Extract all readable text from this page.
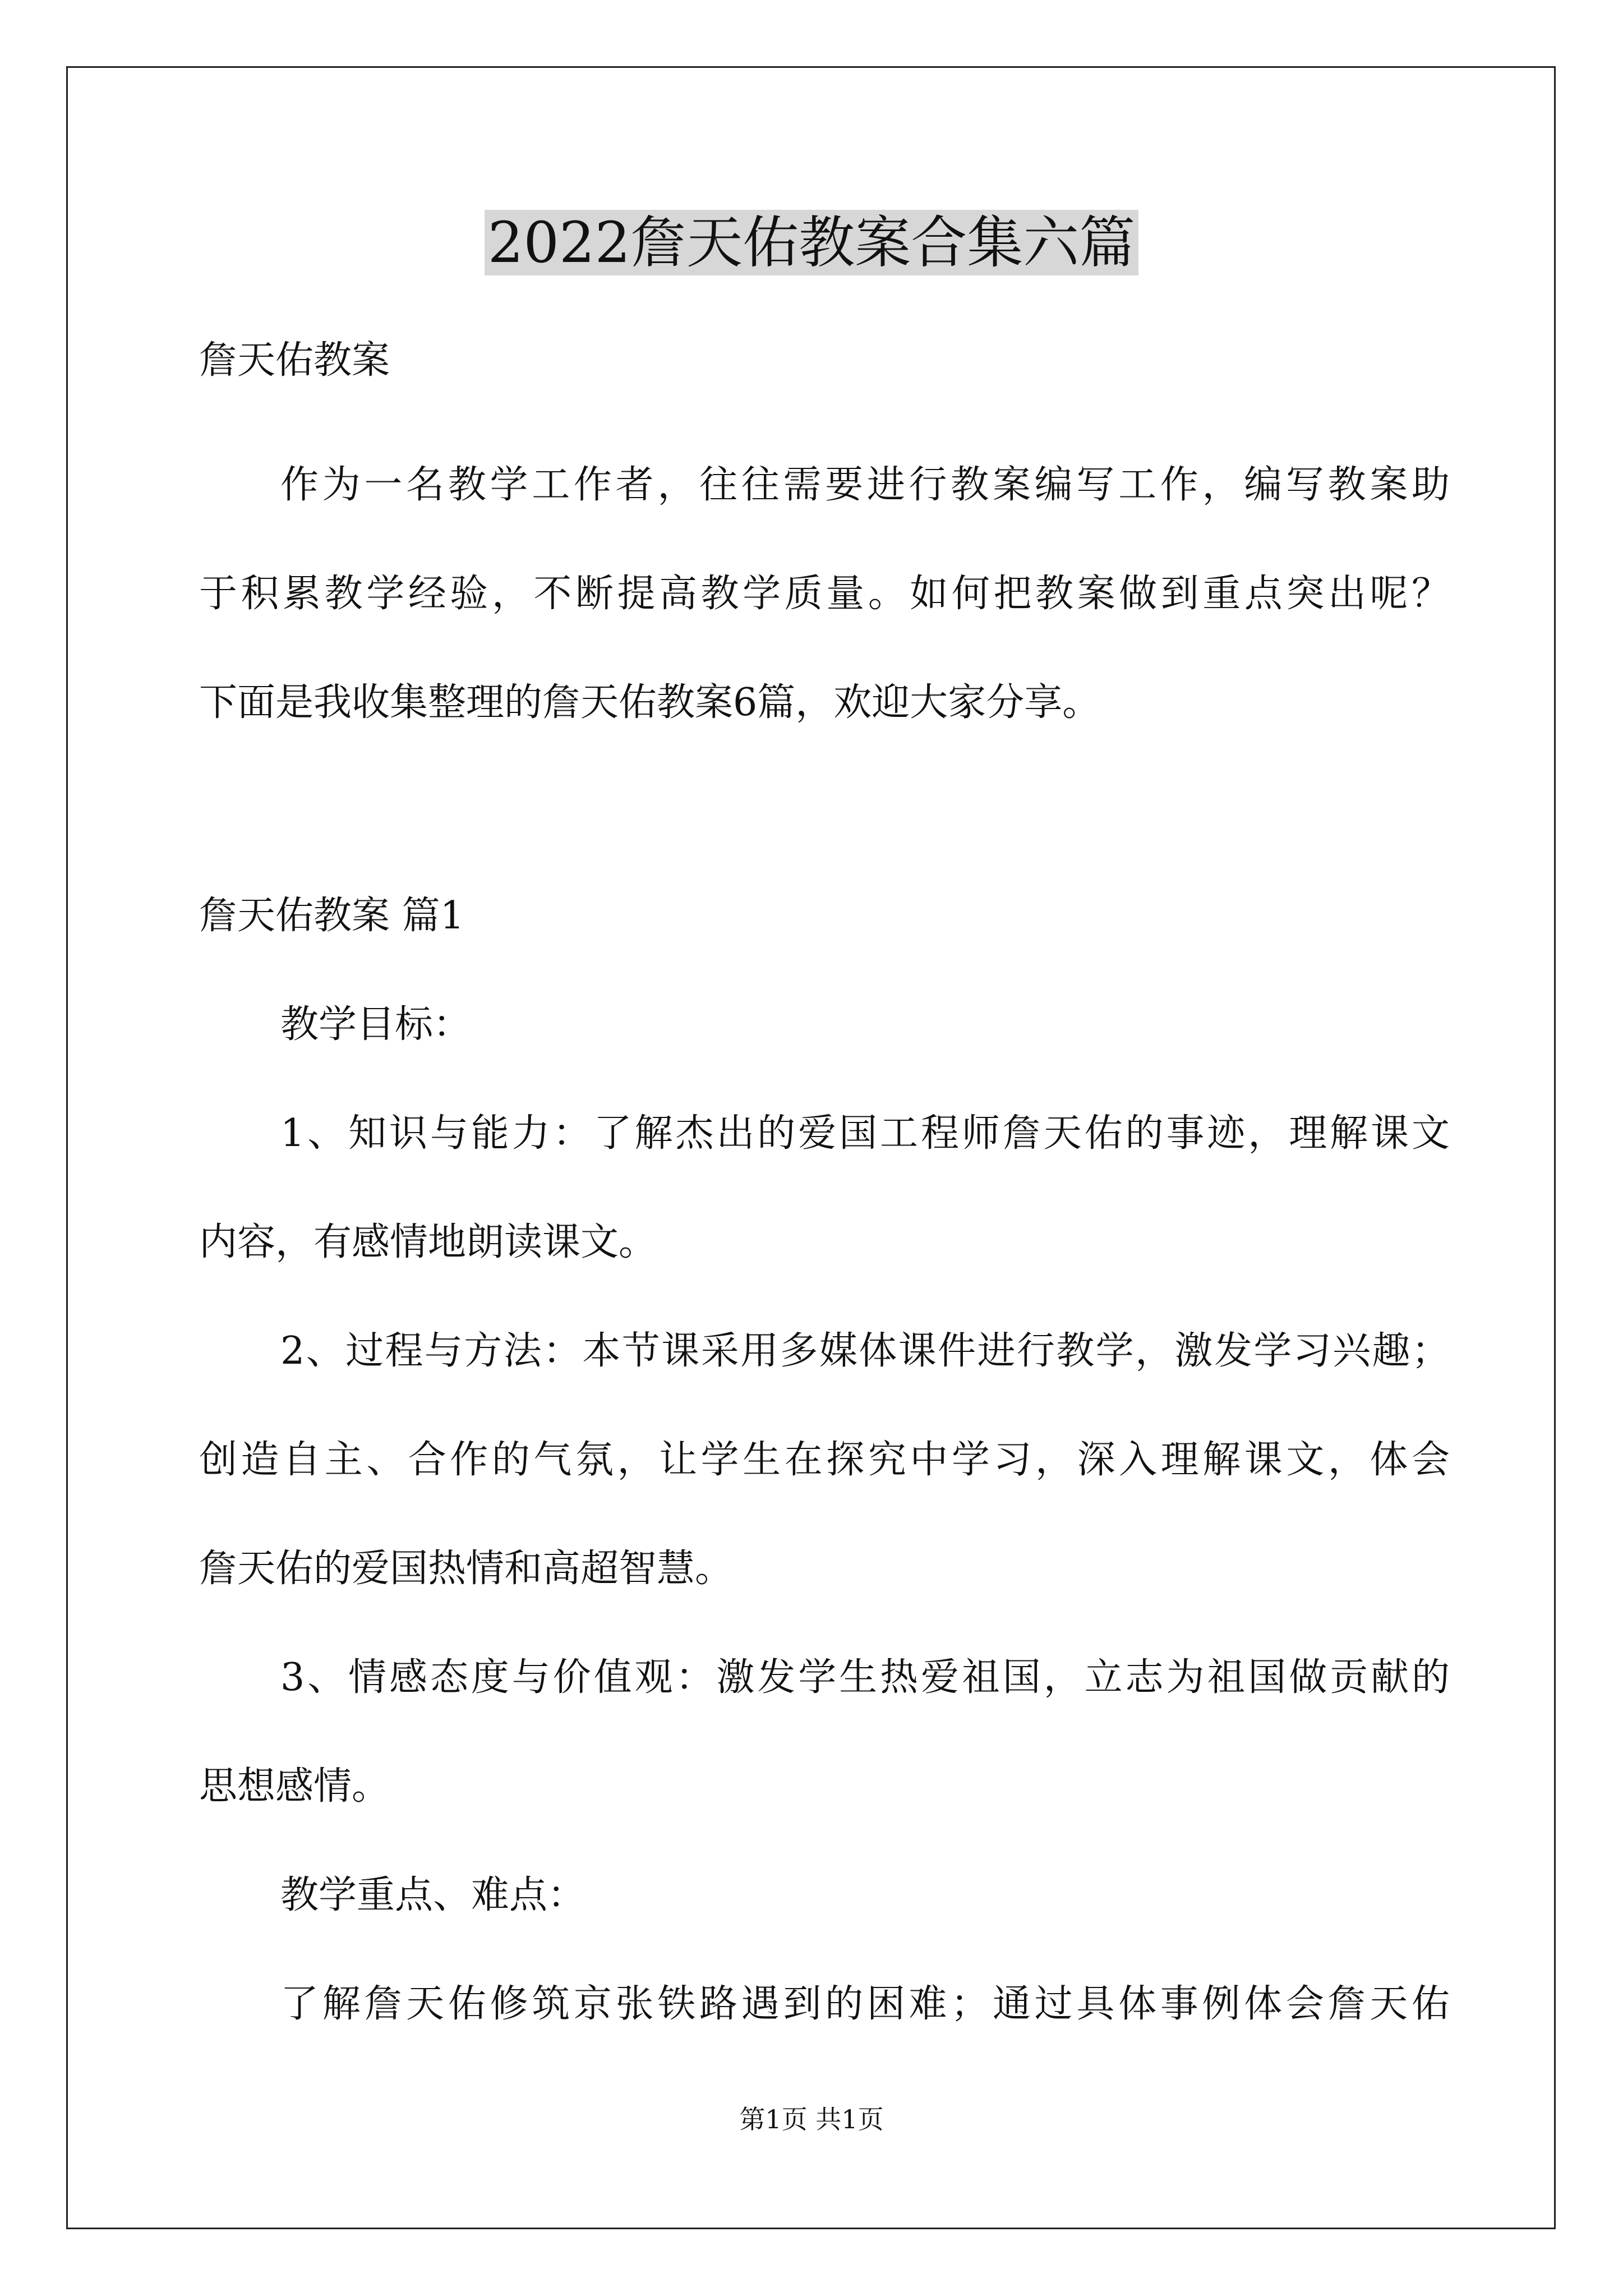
2022詹天佑教案合集六篇
詹天佑教案
作为一名教学工作者，往往需要进行教案编写工作，编写教案助
于积累教学经验，不断提高教学质量。如何把教案做到重点突出呢？
下面是我收集整理的詹天佑教案6篇，欢迎大家分享。
詹天佑教案 篇1
教学目标：
1、知识与能力：了解杰出的爱国工程师詹天佑的事迹，理解课文
内容，有感情地朗读课文。
2、过程与方法：本节课采用多媒体课件进行教学，激发学习兴趣；
创造自主、合作的气氛，让学生在探究中学习，深入理解课文，体会
詹天佑的爱国热情和高超智慧。
3、情感态度与价值观：激发学生热爱祖国，立志为祖国做贡献的
思想感情。
教学重点、难点：
了解詹天佑修筑京张铁路遇到的困难；通过具体事例体会詹天佑
第1页 共1页
